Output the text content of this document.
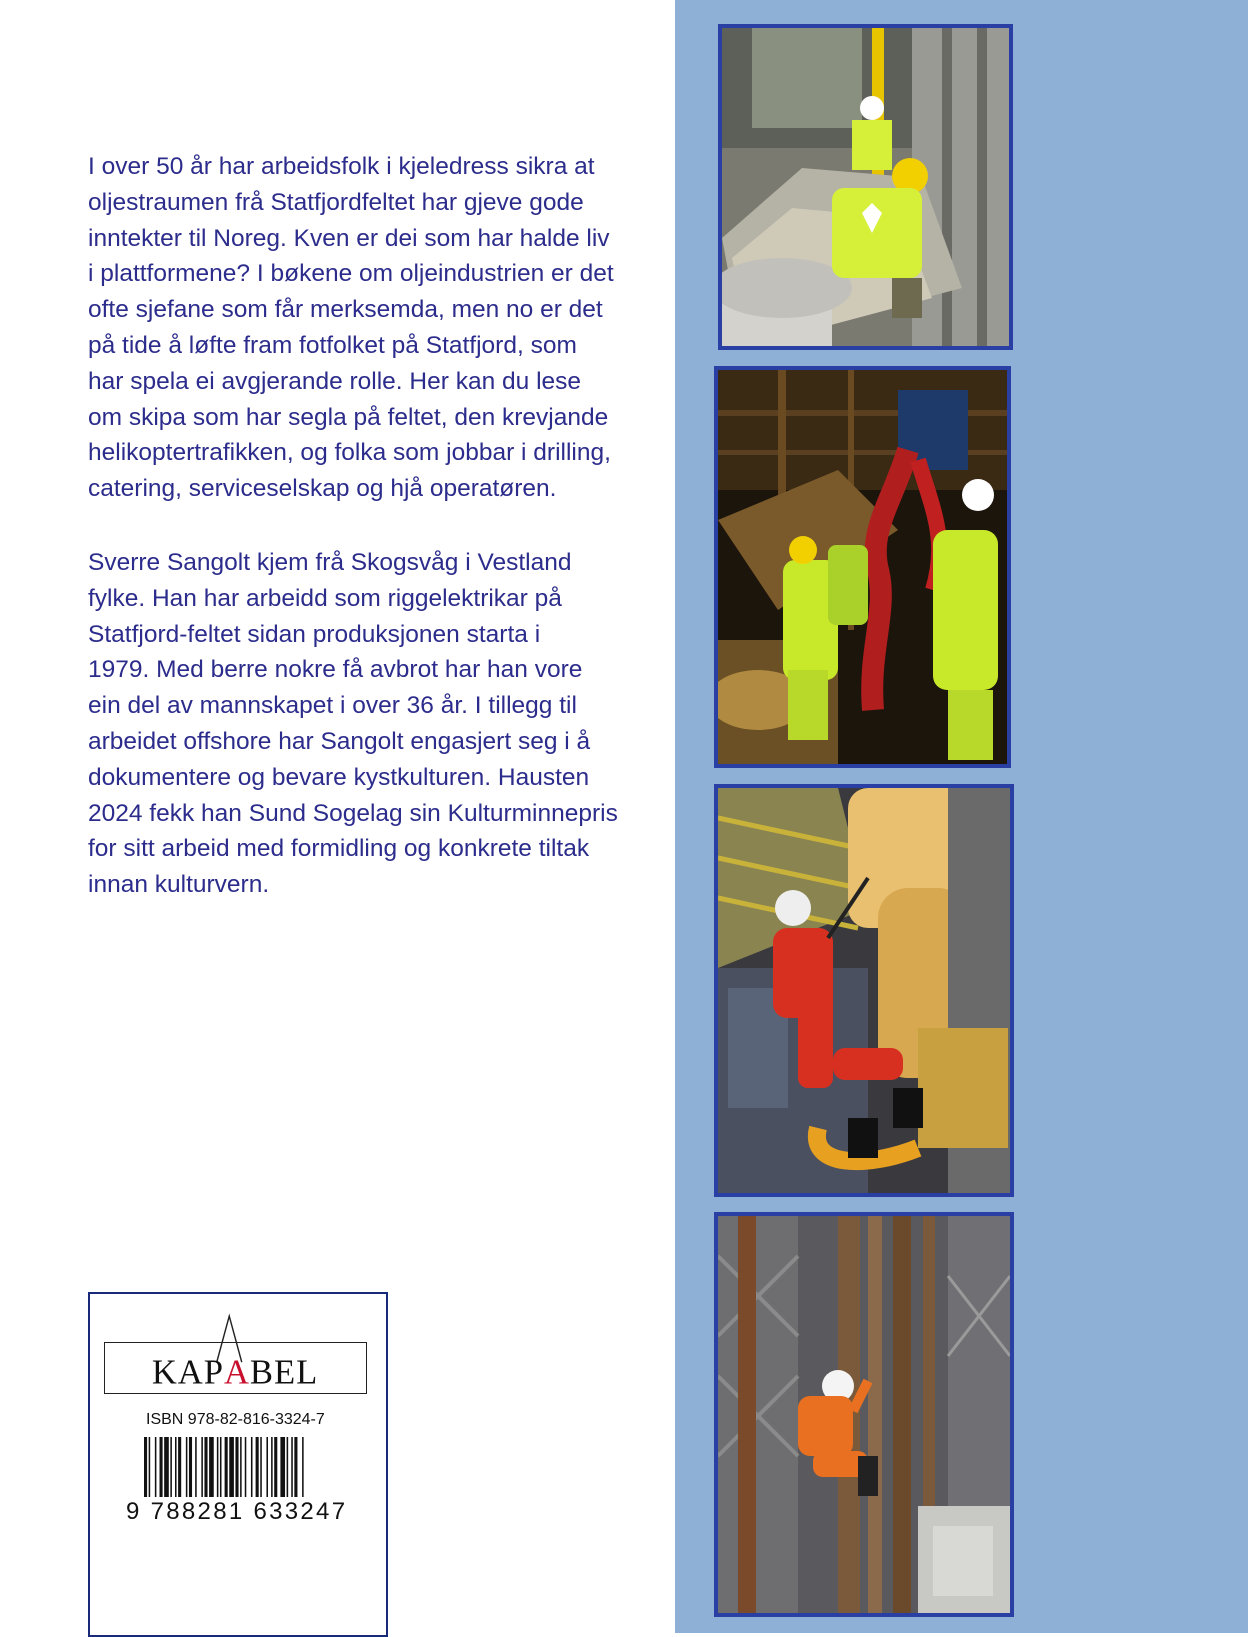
I over 50 år har arbeidsfolk i kjeledress sikra at
oljestraumen frå Statfjordfeltet har gjeve gode
inntekter til Noreg. Kven er dei som har halde liv
i plattformene? I bøkene om oljeindustrien er det
ofte sjefane som får merksemda, men no er det
på tide å løfte fram fotfolket på Statfjord, som
har spela ei avgjerande rolle. Her kan du lese
om skipa som har segla på feltet, den krevjande
helikoptertrafikken, og folka som jobbar i drilling,
catering, serviceselskap og hjå operatøren.

Sverre Sangolt kjem frå Skogsvåg i Vestland
fylke. Han har arbeidd som riggelektrikar på
Statfjord-feltet sidan produksjonen starta i
1979. Med berre nokre få avbrot har han vore
ein del av mannskapet i over 36 år. I tillegg til
arbeidet offshore har Sangolt engasjert seg i å
dokumentere og bevare kystkulturen. Hausten
2024 fekk han Sund Sogelag sin Kulturminnepris
for sitt arbeid med formidling og konkrete tiltak
innan kulturvern.

KAPABEL
ISBN 978-82-816-3324-7
9 788281 633247
